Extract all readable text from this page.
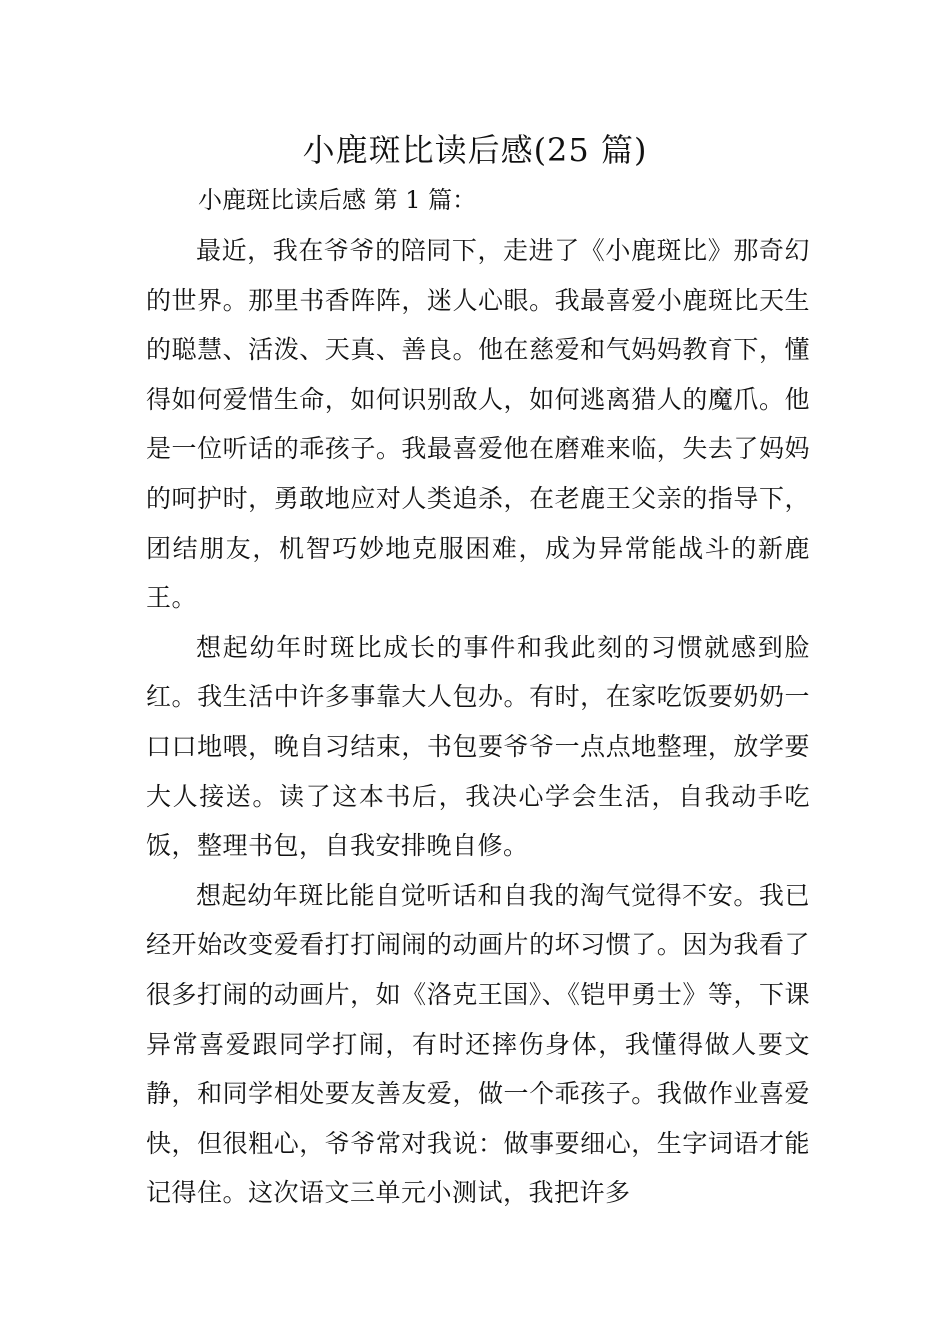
小鹿斑比读后感(25 篇)
小鹿斑比读后感 第 1 篇：

最近，我在爷爷的陪同下，走进了《小鹿斑比》那奇幻的世界。那里书香阵阵，迷人心眼。我最喜爱小鹿斑比天生的聪慧、活泼、天真、善良。他在慈爱和气妈妈教育下，懂得如何爱惜生命，如何识别敌人，如何逃离猎人的魔爪。他是一位听话的乖孩子。我最喜爱他在磨难来临，失去了妈妈的呵护时，勇敢地应对人类追杀，在老鹿王父亲的指导下，团结朋友，机智巧妙地克服困难，成为异常能战斗的新鹿王。

想起幼年时斑比成长的事件和我此刻的习惯就感到脸红。我生活中许多事靠大人包办。有时，在家吃饭要奶奶一口口地喂，晚自习结束，书包要爷爷一点点地整理，放学要大人接送。读了这本书后，我决心学会生活，自我动手吃饭，整理书包，自我安排晚自修。

想起幼年斑比能自觉听话和自我的淘气觉得不安。我已经开始改变爱看打打闹闹的动画片的坏习惯了。因为我看了很多打闹的动画片，如《洛克王国》、《铠甲勇士》等，下课异常喜爱跟同学打闹，有时还摔伤身体，我懂得做人要文静，和同学相处要友善友爱，做一个乖孩子。我做作业喜爱快，但很粗心，爷爷常对我说：做事要细心，生字词语才能记得住。这次语文三单元小测试，我把许多
